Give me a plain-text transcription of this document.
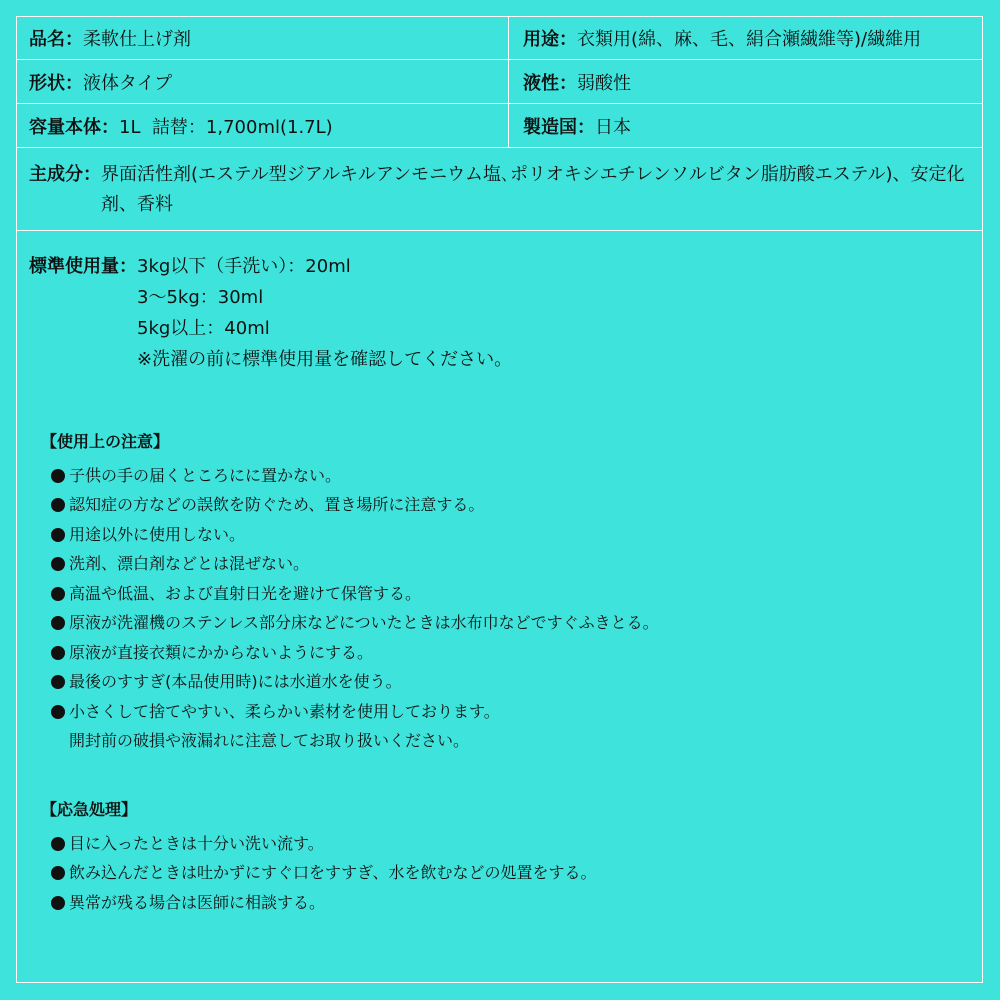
品名： 柔軟仕上げ剤	用途： 衣類用(綿、麻、毛、絹合瀬繊維等)/繊維用
形状： 液体タイプ	液性： 弱酸性
容量本体： 1L  詰替：1,700ml(1.7L)	製造国： 日本
主成分： 界面活性剤(エステル型ジアルキルアンモニウム塩､ポリオキシエチレンソルビタン脂肪酸エステル)、安定化剤、香料
標準使用量： 3kg以下（手洗い）：20ml
3～5kg：30ml
5kg以上：40ml
※洗濯の前に標準使用量を確認してください。
【使用上の注意】
子供の手の届くところにに置かない。
認知症の方などの誤飲を防ぐため、置き場所に注意する。
用途以外に使用しない。
洗剤、漂白剤などとは混ぜない。
高温や低温、および直射日光を避けて保管する。
原液が洗濯機のステンレス部分床などについたときは水布巾などですぐふきとる。
原液が直接衣類にかからないようにする。
最後のすすぎ(本品使用時)には水道水を使う。
小さくして捨てやすい、柔らかい素材を使用しております。
開封前の破損や液漏れに注意してお取り扱いください。
【応急処理】
目に入ったときは十分い洗い流す。
飲み込んだときは吐かずにすぐ口をすすぎ、水を飲むなどの処置をする。
異常が残る場合は医師に相談する。
